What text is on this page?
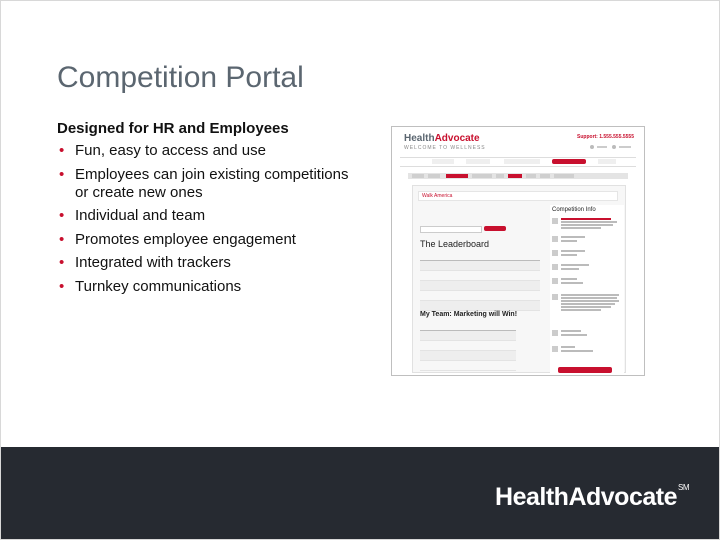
Competition Portal
Designed for HR and Employees
• Fun, easy to access and use
• Employees can join existing competitions or create new ones
• Individual and team
• Promotes employee engagement
• Integrated with trackers
• Turnkey communications
HealthAdvocate
WELCOME TO WELLNESS
Support: 1.555.555.5555
Walk America
The Leaderboard
My Team: Marketing will Win!
Competition Info
HealthAdvocate℠
